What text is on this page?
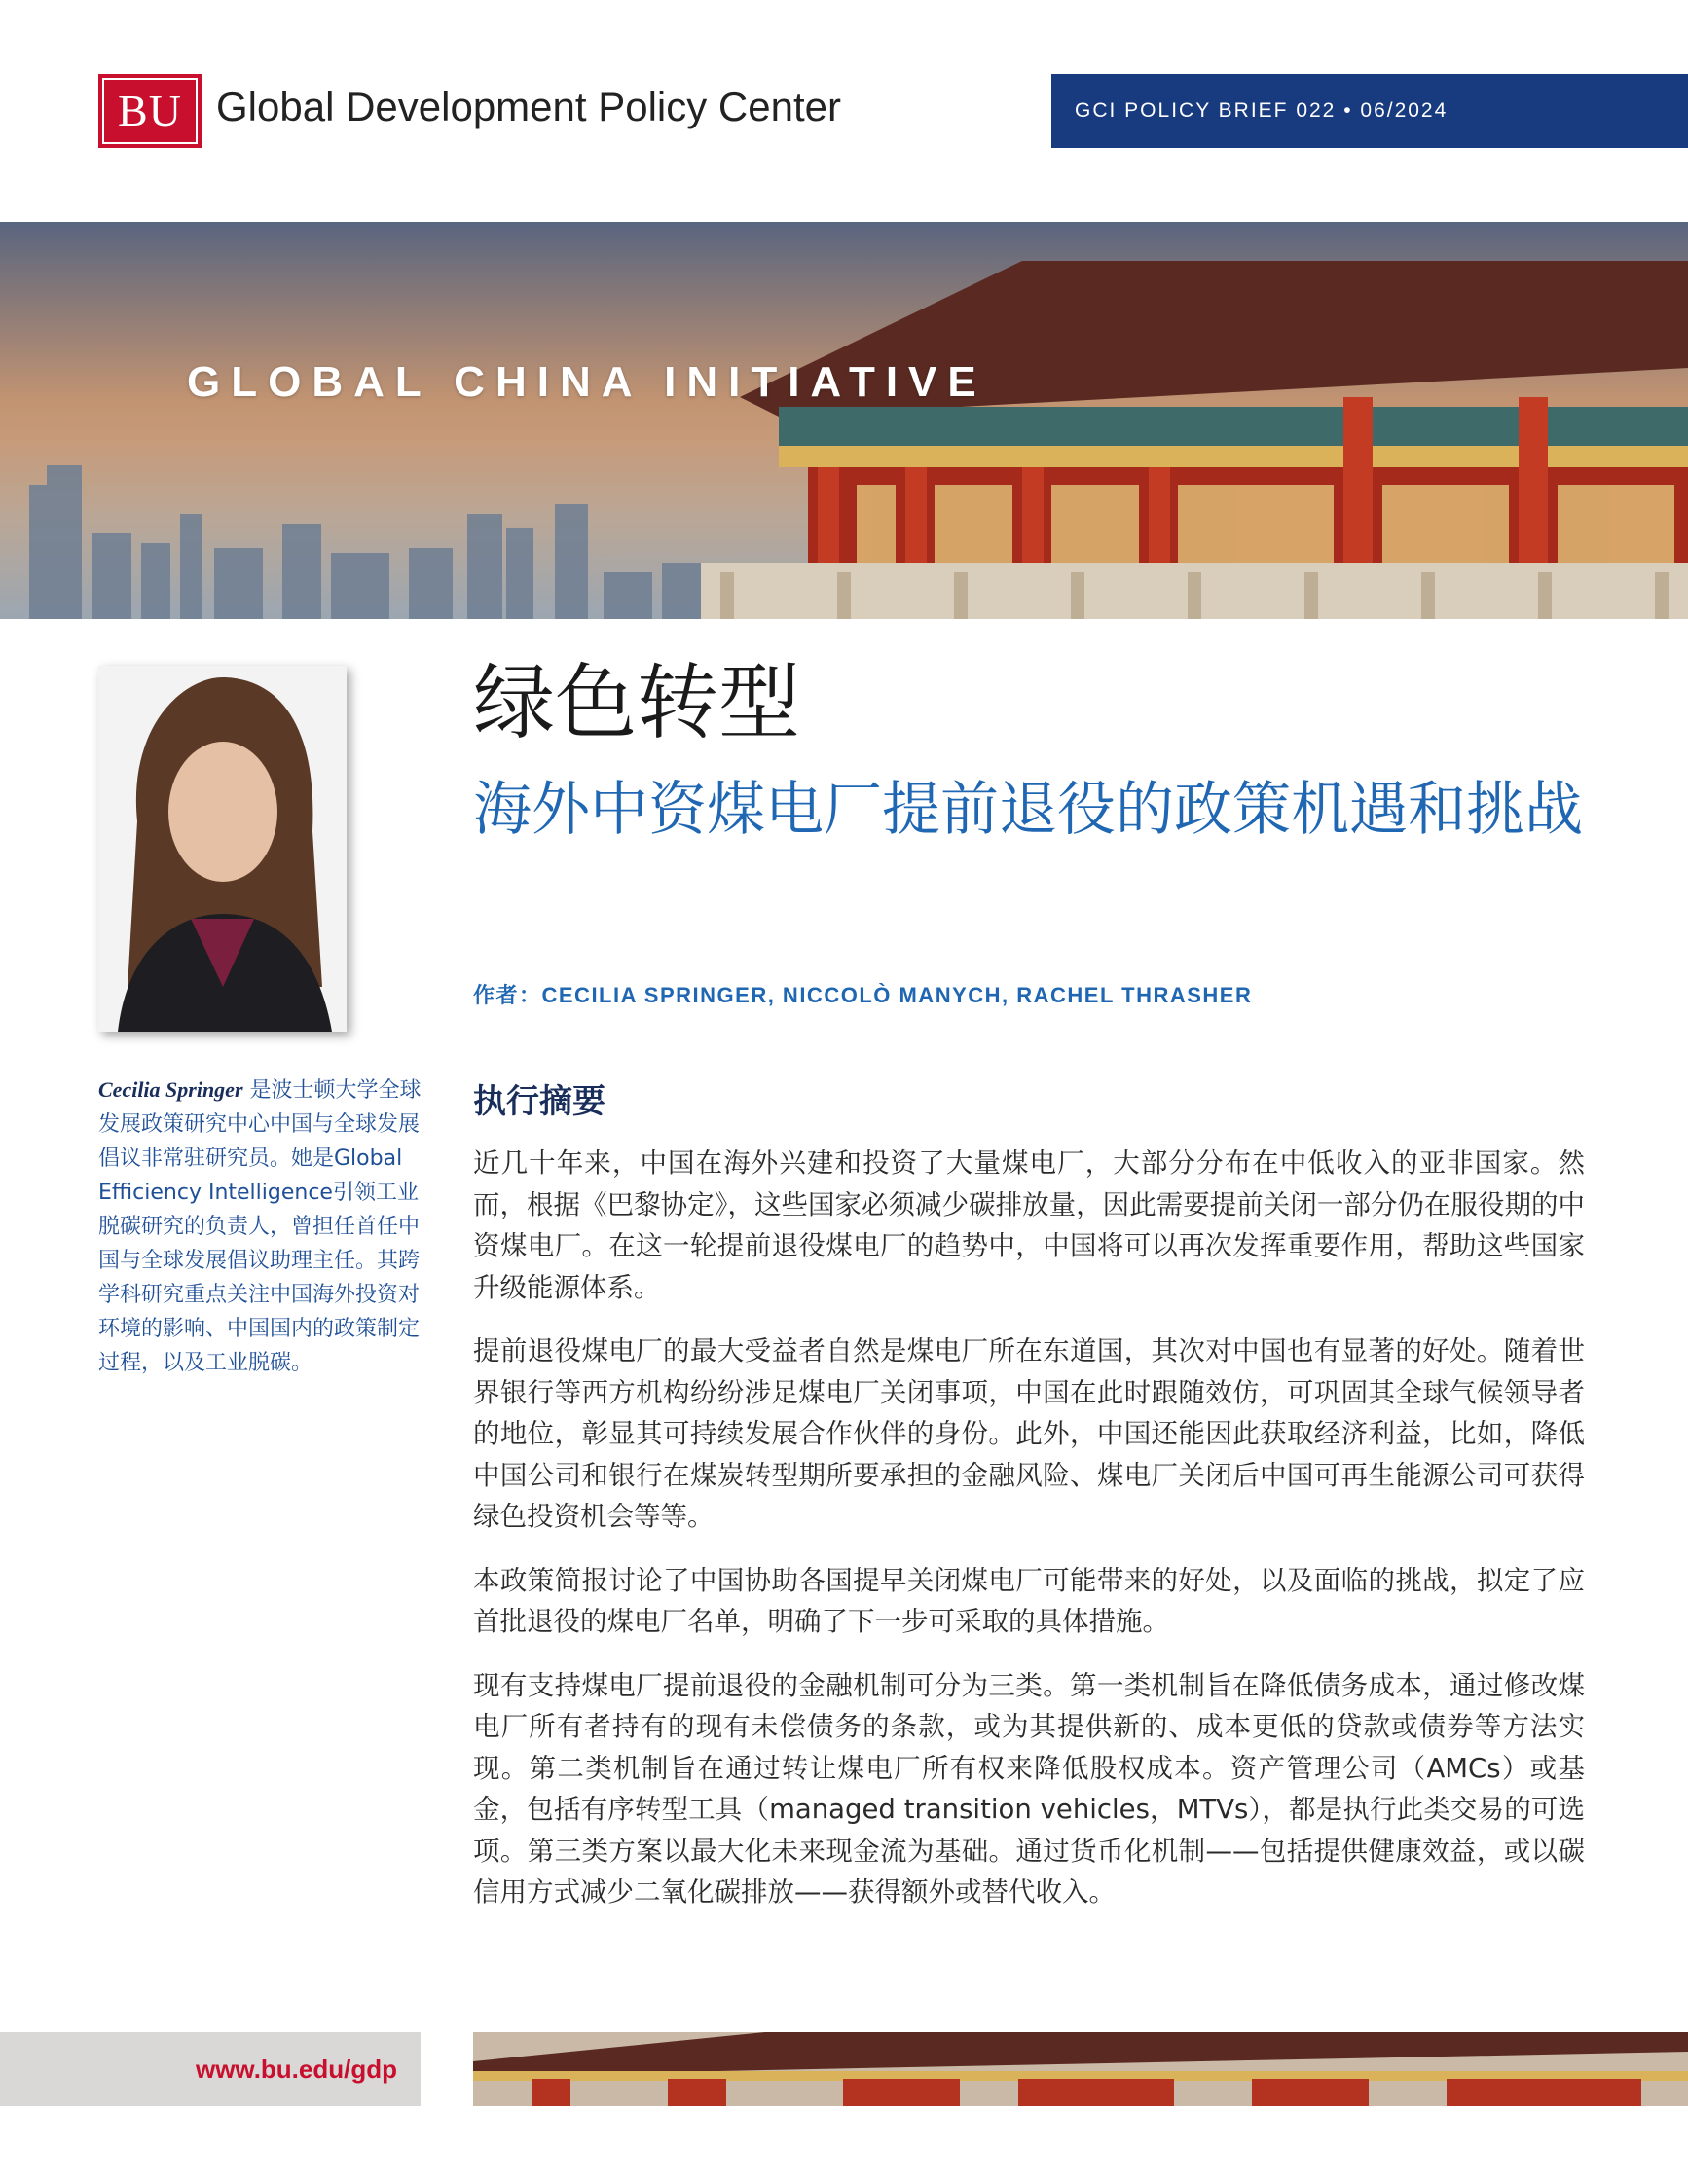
BU Global Development Policy Center	GCI POLICY BRIEF 022 • 06/2024
GLOBAL CHINA INITIATIVE
Cecilia Springer 是波士顿大学全球发展政策研究中心中国与全球发展倡议非常驻研究员。她是Global Efficiency Intelligence引领工业脱碳研究的负责人，曾担任首任中国与全球发展倡议助理主任。其跨学科研究重点关注中国海外投资对环境的影响、中国国内的政策制定过程，以及工业脱碳。
绿色转型
海外中资煤电厂提前退役的政策机遇和挑战
作者：CECILIA SPRINGER, NICCOLÒ MANYCH, RACHEL THRASHER
执行摘要

近几十年来，中国在海外兴建和投资了大量煤电厂，大部分分布在中低收入的亚非国家。然而，根据《巴黎协定》，这些国家必须减少碳排放量，因此需要提前关闭一部分仍在服役期的中资煤电厂。在这一轮提前退役煤电厂的趋势中，中国将可以再次发挥重要作用，帮助这些国家升级能源体系。

提前退役煤电厂的最大受益者自然是煤电厂所在东道国，其次对中国也有显著的好处。随着世界银行等西方机构纷纷涉足煤电厂关闭事项，中国在此时跟随效仿，可巩固其全球气候领导者的地位，彰显其可持续发展合作伙伴的身份。此外，中国还能因此获取经济利益，比如，降低中国公司和银行在煤炭转型期所要承担的金融风险、煤电厂关闭后中国可再生能源公司可获得绿色投资机会等等。

本政策简报讨论了中国协助各国提早关闭煤电厂可能带来的好处，以及面临的挑战，拟定了应首批退役的煤电厂名单，明确了下一步可采取的具体措施。

现有支持煤电厂提前退役的金融机制可分为三类。第一类机制旨在降低债务成本，通过修改煤电厂所有者持有的现有未偿债务的条款，或为其提供新的、成本更低的贷款或债券等方法实现。第二类机制旨在通过转让煤电厂所有权来降低股权成本。资产管理公司（AMCs）或基金，包括有序转型工具（managed transition vehicles，MTVs），都是执行此类交易的可选项。第三类方案以最大化未来现金流为基础。通过货币化机制——包括提供健康效益，或以碳信用方式减少二氧化碳排放——获得额外或替代收入。

www.bu.edu/gdp
